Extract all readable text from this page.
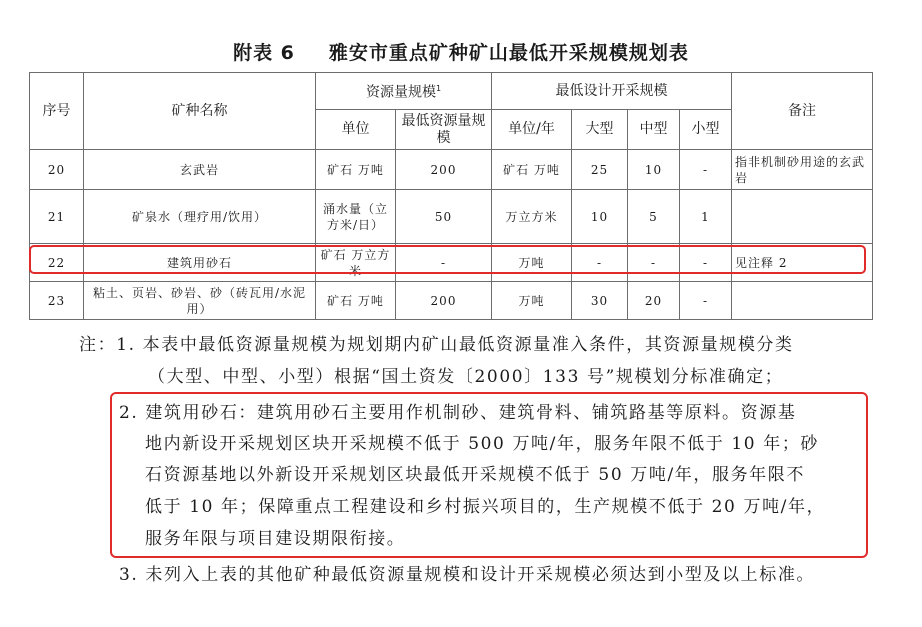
附表 6 雅安市重点矿种矿山最低开采规模规划表
序号	矿种名称	资源量规模$^1$		最低设计开采规模				备注
		单位	最低资源量规模	单位/年	大型	中型	小型	
20	玄武岩	矿石 万吨	200	矿石 万吨	25	10	-	指非机制砂用途的玄武岩
21	矿泉水（理疗用/饮用）	涌水量（立方米/日）	50	万立方米	10	5	1	
22	建筑用砂石	矿石 万立方米	-	万吨	-	-	-	见注释 2
23	粘土、页岩、砂岩、砂（砖瓦用/水泥用）	矿石 万吨	200	万吨	30	20	-	
注：1. 本表中最低资源量规模为规划期内矿山最低资源量准入条件，其资源量规模分类
（大型、中型、小型）根据“国土资发〔2000〕133 号”规模划分标准确定；
2. 建筑用砂石：建筑用砂石主要用作机制砂、建筑骨料、铺筑路基等原料。资源基
地内新设开采规划区块开采规模不低于 500 万吨/年，服务年限不低于 10 年；砂
石资源基地以外新设开采规划区块最低开采规模不低于 50 万吨/年，服务年限不
低于 10 年；保障重点工程建设和乡村振兴项目的，生产规模不低于 20 万吨/年，
服务年限与项目建设期限衔接。
3. 未列入上表的其他矿种最低资源量规模和设计开采规模必须达到小型及以上标准。
